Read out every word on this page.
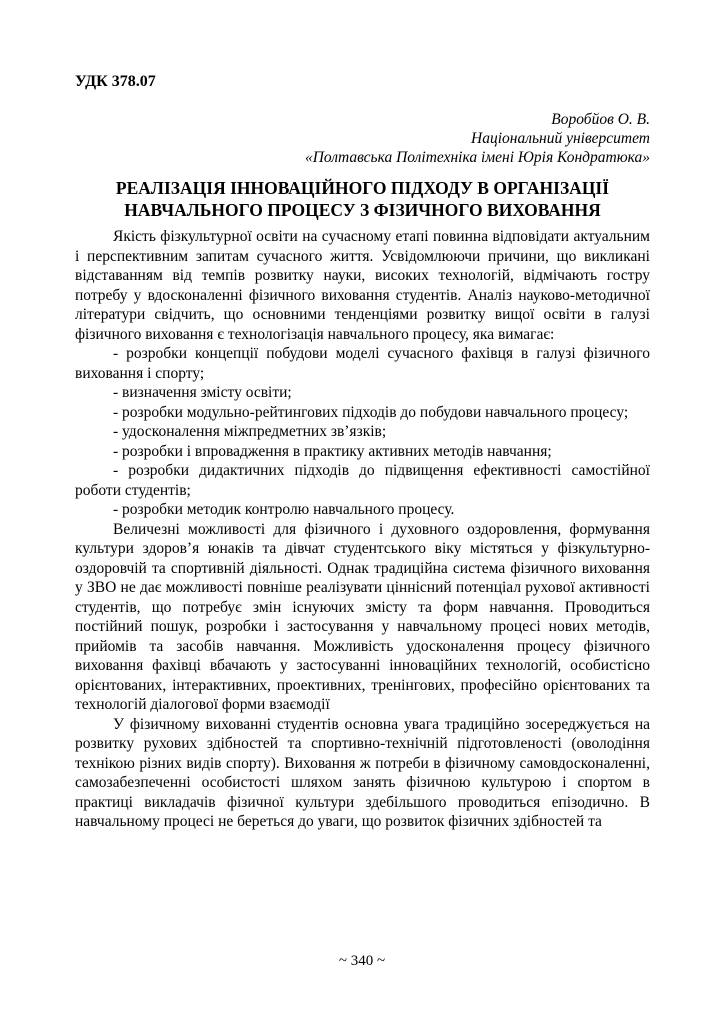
УДК 378.07
Воробйов О. В.
Національний університет
«Полтавська Політехніка імені Юрія Кондратюка»
РЕАЛІЗАЦІЯ ІННОВАЦІЙНОГО ПІДХОДУ В ОРГАНІЗАЦІЇ НАВЧАЛЬНОГО ПРОЦЕСУ З ФІЗИЧНОГО ВИХОВАННЯ

Якість фізкультурної освіти на сучасному етапі повинна відповідати актуальним і перспективним запитам сучасного життя. Усвідомлюючи причини, що викликані відставанням від темпів розвитку науки, високих технологій, відмічають гостру потребу у вдосконаленні фізичного виховання студентів. Аналіз науково-методичної літератури свідчить, що основними тенденціями розвитку вищої освіти в галузі фізичного виховання є технологізація навчального процесу, яка вимагає:

- розробки концепції побудови моделі сучасного фахівця в галузі фізичного виховання і спорту;

- визначення змісту освіти;

- розробки модульно-рейтингових підходів до побудови навчального процесу;

- удосконалення міжпредметних зв’язків;

- розробки і впровадження в практику активних методів навчання;

- розробки дидактичних підходів до підвищення ефективності самостійної роботи студентів;

- розробки методик контролю навчального процесу.

Величезні можливості для фізичного і духовного оздоровлення, формування культури здоров’я юнаків та дівчат студентського віку містяться у фізкультурно-оздоровчій та спортивній діяльності. Однак традиційна система фізичного виховання у ЗВО не дає можливості повніше реалізувати ціннісний потенціал рухової активності студентів, що потребує змін існуючих змісту та форм навчання. Проводиться постійний пошук, розробки і застосування у навчальному процесі нових методів, прийомів та засобів навчання. Можливість удосконалення процесу фізичного виховання фахівці вбачають у застосуванні інноваційних технологій, особистісно орієнтованих, інтерактивних, проективних, тренінгових, професійно орієнтованих та технологій діалогової форми взаємодії

У фізичному вихованні студентів основна увага традиційно зосереджується на розвитку рухових здібностей та спортивно-технічній підготовленості (оволодіння технікою різних видів спорту). Виховання ж потреби в фізичному самовдосконаленні, самозабезпеченні особистості шляхом занять фізичною культурою і спортом в практиці викладачів фізичної культури здебільшого проводиться епізодично. В навчальному процесі не береться до уваги, що розвиток фізичних здібностей та

~ 340 ~
